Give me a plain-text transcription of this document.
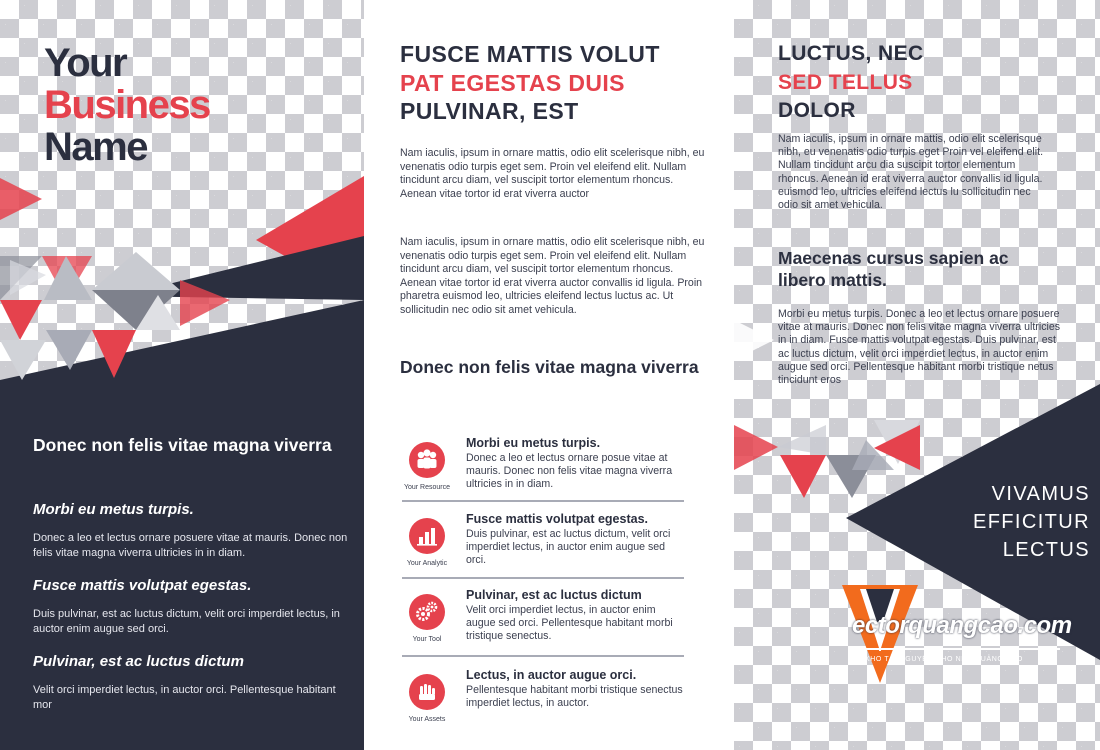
Your
Business
Name
Donec non felis vitae magna viverra
Morbi eu metus turpis.
Donec a leo et lectus ornare posuere vitae at mauris. Donec non felis vitae magna viverra ultricies in in diam.
Fusce mattis volutpat egestas.
Duis pulvinar, est ac luctus dictum, velit orci imperdiet lectus, in auctor enim augue sed orci.
Pulvinar, est ac luctus dictum
Velit orci imperdiet lectus, in auctor orci. Pellentesque habitant mor
FUSCE MATTIS VOLUT
PAT EGESTAS DUIS
PULVINAR, EST
Nam iaculis, ipsum in ornare mattis, odio elit scelerisque nibh, eu venenatis odio turpis eget sem. Proin vel eleifend elit. Nullam tincidunt arcu diam, vel suscipit tortor elementum rhoncus. Aenean vitae tortor id erat viverra auctor
Nam iaculis, ipsum in ornare mattis, odio elit scelerisque nibh, eu venenatis odio turpis eget sem. Proin vel eleifend elit. Nullam tincidunt arcu diam, vel suscipit tortor elementum rhoncus. Aenean vitae tortor id erat viverra auctor convallis id ligula. Proin pharetra euismod leo, ultricies eleifend lectus luctus ac. Ut sollicitudin nec odio sit amet vehicula.
Donec non felis vitae magna viverra
Your Resource
Morbi eu metus turpis.
Donec a leo et lectus ornare posue vitae at mauris. Donec non felis vitae magna viverra ultricies in in diam.
Your Analytic
Fusce mattis volutpat egestas.
Duis pulvinar, est ac luctus dictum, velit orci imperdiet lectus, in auctor enim augue sed orci.
Your Tool
Pulvinar, est ac luctus dictum
Velit orci imperdiet lectus, in auctor enim augue sed orci. Pellentesque habitant morbi tristique senectus.
Your Assets
Lectus, in auctor augue orci.
Pellentesque habitant morbi tristique senectus imperdiet lectus, in auctor.
LUCTUS, NEC
SED TELLUS
DOLOR
Nam iaculis, ipsum in ornare mattis, odio elit scelerisque nibh, eu venenatis odio turpis eget Proin vel eleifend elit. Nullam tincidunt arcu dia suscipit tortor elementum rhoncus. Aenean id erat viverra auctor convallis id ligula. euismod leo, ultricies eleifend lectus lu sollicitudin nec odio sit amet vehicula.
Maecenas cursus sapien ac libero mattis.
Morbi eu metus turpis. Donec a leo et lectus ornare posuere vitae at mauris. Donec non felis vitae magna viverra ultricies in in diam. Fusce mattis volutpat egestas. Duis pulvinar, est ac luctus dictum, velit orci imperdiet lectus, in auctor enim augue sed orci. Pellentesque habitant morbi tristique netus tincidunt eros
VIVAMUS
EFFICITUR
LECTUS
ectorquangcao.com
KHO TÀI NGUYÊN CHO NHÀ QUẢNG CÁO
